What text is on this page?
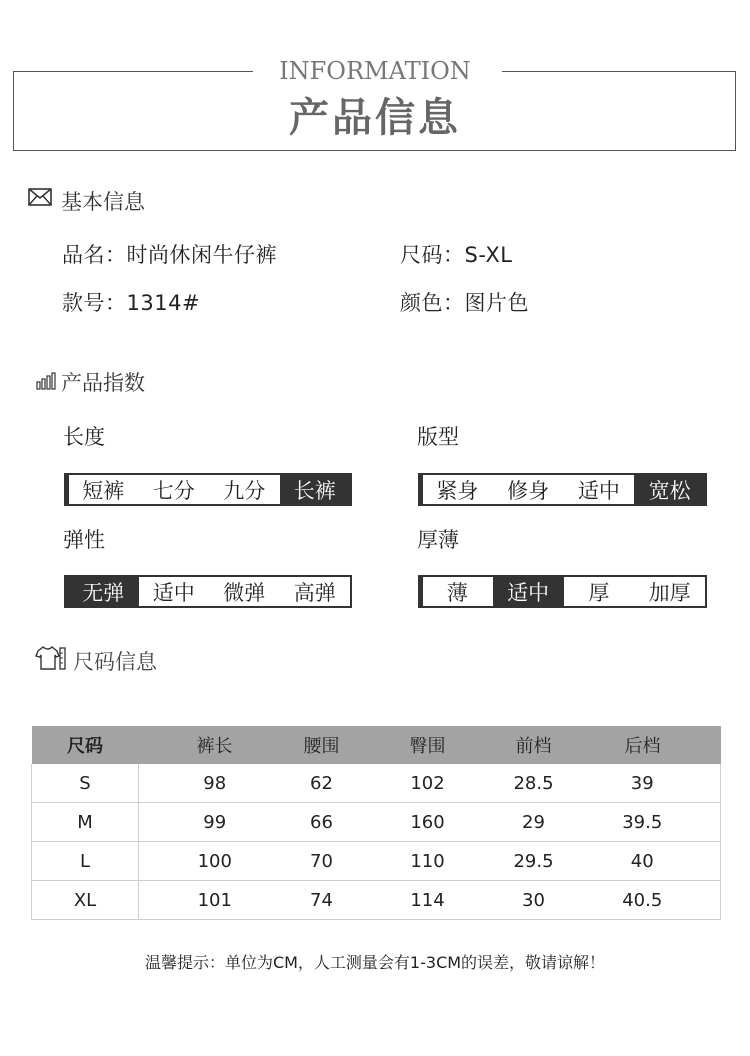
INFORMATION
产品信息
基本信息
品名：时尚休闲牛仔裤	尺码：S-XL
款号：1314#	颜色：图片色
产品指数
长度	版型
弹性	厚薄
短裤	七分	九分	长裤	紧身	修身	适中	宽松
无弹	适中	微弹	高弹	薄	适中	厚	加厚
尺码信息
尺码	裤长	腰围	臀围	前档	后档
S	98	62	102	28.5	39
M	99	66	160	29	39.5
L	100	70	110	29.5	40
XL	101	74	114	30	40.5
温馨提示：单位为CM，人工测量会有1-3CM的误差，敬请谅解！
